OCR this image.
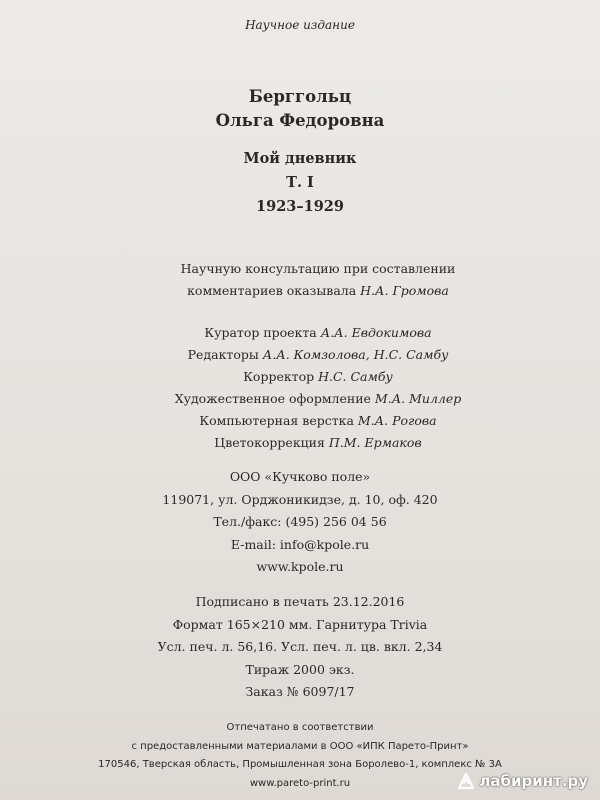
Научное издание
Берггольц
Ольга Федоровна
Мой дневник
Т. I
1923–1929
Научную консультацию при составлении
комментариев оказывала Н.А. Громова
Куратор проекта А.А. Евдокимова
Редакторы А.А. Комзолова, Н.С. Самбу
Корректор Н.С. Самбу
Художественное оформление М.А. Миллер
Компьютерная верстка М.А. Рогова
Цветокоррекция П.М. Ермаков
ООО «Кучково поле»
119071, ул. Орджоникидзе, д. 10, оф. 420
Тел./факс: (495) 256 04 56
E-mail: info@kpole.ru
www.kpole.ru
Подписано в печать 23.12.2016
Формат 165×210 мм. Гарнитура Trivia
Усл. печ. л. 56,16. Усл. печ. л. цв. вкл. 2,34
Тираж 2000 экз.
Заказ № 6097/17
Отпечатано в соответствии
с предоставленными материалами в ООО «ИПК Парето-Принт»
170546, Тверская область, Промышленная зона Боролево-1, комплекс № 3А
www.pareto-print.ru	лабиринт.ру
